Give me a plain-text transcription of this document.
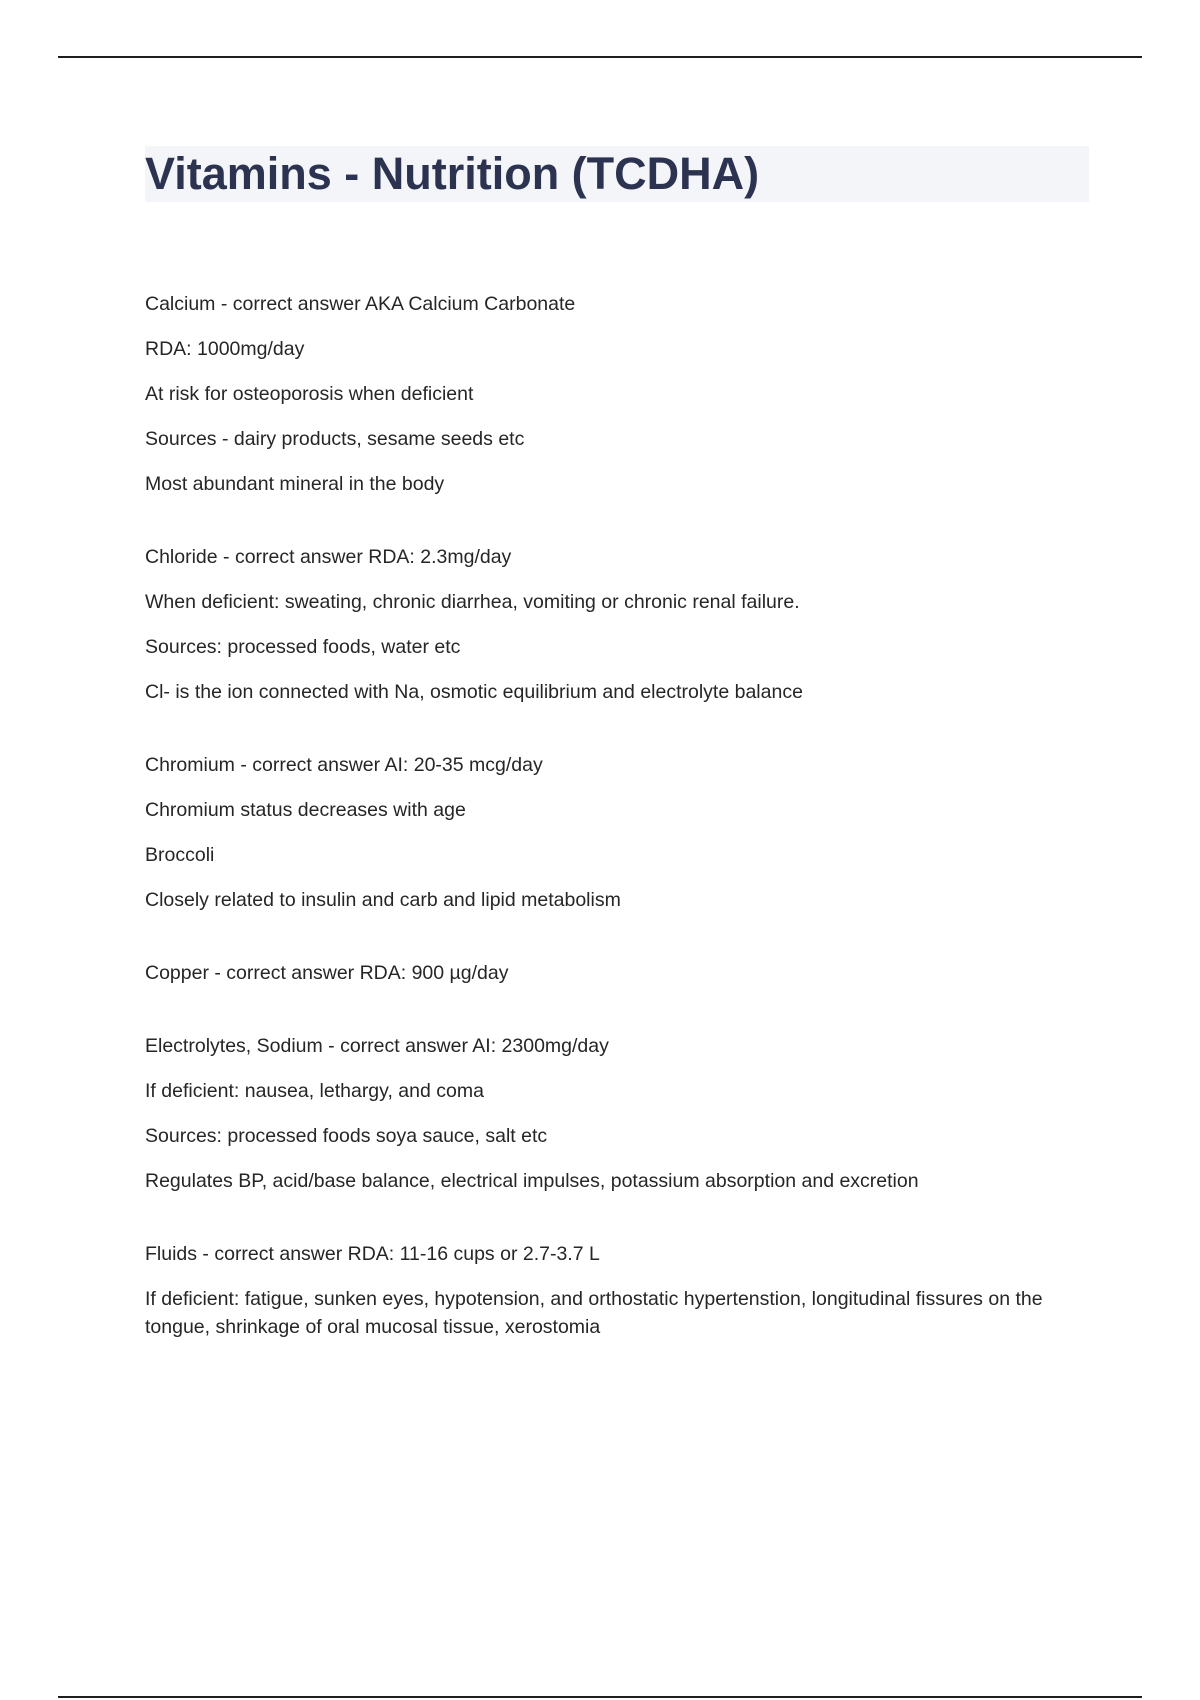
Vitamins - Nutrition (TCDHA)

Calcium - correct answer AKA Calcium Carbonate

RDA: 1000mg/day

At risk for osteoporosis when deficient

Sources - dairy products, sesame seeds etc

Most abundant mineral in the body

Chloride - correct answer RDA: 2.3mg/day

When deficient: sweating, chronic diarrhea, vomiting or chronic renal failure.

Sources: processed foods, water etc

Cl- is the ion connected with Na, osmotic equilibrium and electrolyte balance

Chromium - correct answer AI: 20-35 mcg/day

Chromium status decreases with age

Broccoli

Closely related to insulin and carb and lipid metabolism

Copper - correct answer RDA: 900 µg/day

Electrolytes, Sodium - correct answer AI: 2300mg/day

If deficient: nausea, lethargy, and coma

Sources: processed foods soya sauce, salt etc

Regulates BP, acid/base balance, electrical impulses, potassium absorption and excretion

Fluids - correct answer RDA: 11-16 cups or 2.7-3.7 L

If deficient: fatigue, sunken eyes, hypotension, and orthostatic hypertenstion, longitudinal fissures on the tongue, shrinkage of oral mucosal tissue, xerostomia
